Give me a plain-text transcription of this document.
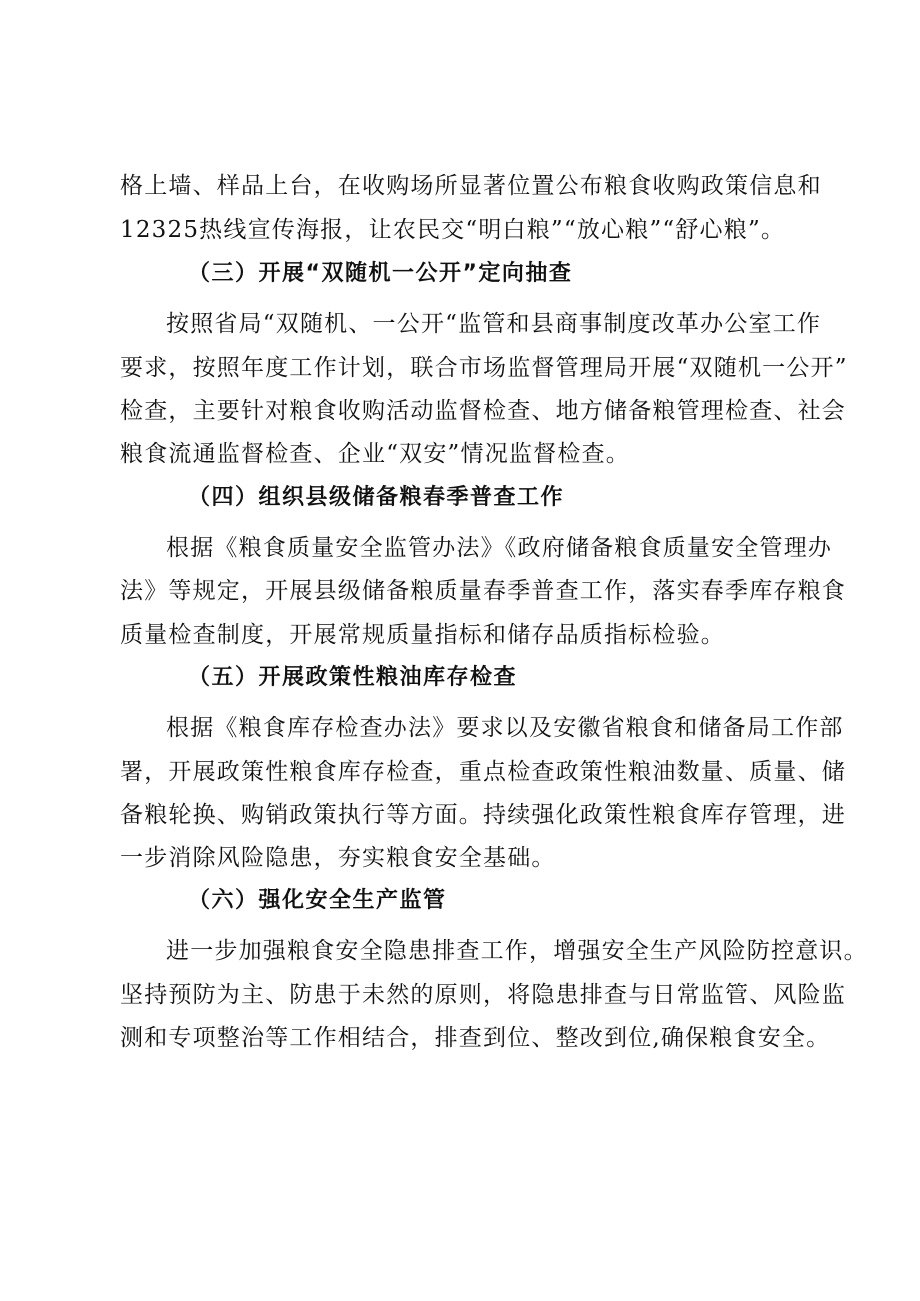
格上墙、样品上台，在收购场所显著位置公布粮食收购政策信息和
12325热线宣传海报，让农民交“明白粮”“放心粮”“舒心粮”。
（三）开展“双随机一公开”定向抽查
按照省局“双随机、一公开“监管和县商事制度改革办公室工作
要求，按照年度工作计划，联合市场监督管理局开展“双随机一公开”
检查，主要针对粮食收购活动监督检查、地方储备粮管理检查、社会
粮食流通监督检查、企业“双安”情况监督检查。
（四）组织县级储备粮春季普查工作
根据《粮食质量安全监管办法》《政府储备粮食质量安全管理办
法》等规定，开展县级储备粮质量春季普查工作，落实春季库存粮食
质量检查制度，开展常规质量指标和储存品质指标检验。
（五）开展政策性粮油库存检查
根据《粮食库存检查办法》要求以及安徽省粮食和储备局工作部
署，开展政策性粮食库存检查，重点检查政策性粮油数量、质量、储
备粮轮换、购销政策执行等方面。持续强化政策性粮食库存管理，进
一步消除风险隐患，夯实粮食安全基础。
（六）强化安全生产监管
进一步加强粮食安全隐患排查工作，增强安全生产风险防控意识。
坚持预防为主、防患于未然的原则，将隐患排查与日常监管、风险监
测和专项整治等工作相结合，排查到位、整改到位,确保粮食安全。
